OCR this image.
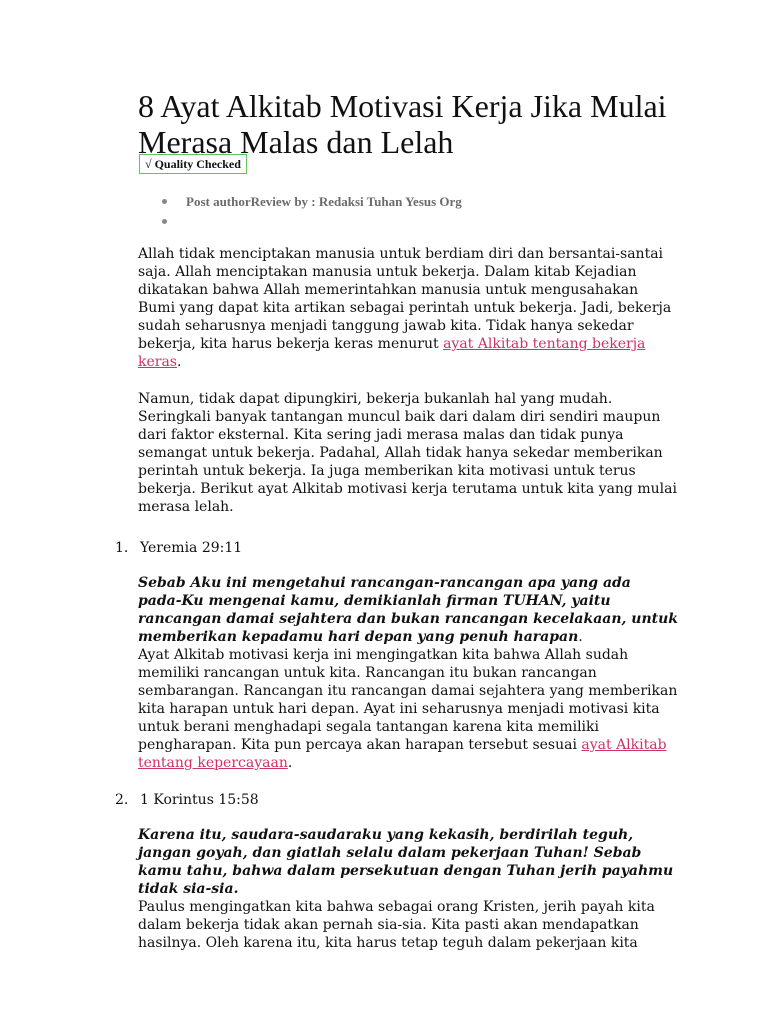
8 Ayat Alkitab Motivasi Kerja Jika Mulai Merasa Malas dan Lelah
√ Quality Checked
Post authorReview by : Redaksi Tuhan Yesus Org

Allah tidak menciptakan manusia untuk berdiam diri dan bersantai-santai saja. Allah menciptakan manusia untuk bekerja. Dalam kitab Kejadian dikatakan bahwa Allah memerintahkan manusia untuk mengusahakan Bumi yang dapat kita artikan sebagai perintah untuk bekerja. Jadi, bekerja sudah seharusnya menjadi tanggung jawab kita. Tidak hanya sekedar bekerja, kita harus bekerja keras menurut ayat Alkitab tentang bekerja keras.

Namun, tidak dapat dipungkiri, bekerja bukanlah hal yang mudah. Seringkali banyak tantangan muncul baik dari dalam diri sendiri maupun dari faktor eksternal. Kita sering jadi merasa malas dan tidak punya semangat untuk bekerja. Padahal, Allah tidak hanya sekedar memberikan perintah untuk bekerja. Ia juga memberikan kita motivasi untuk terus bekerja. Berikut ayat Alkitab motivasi kerja terutama untuk kita yang mulai merasa lelah.

1. Yeremia 29:11

Sebab Aku ini mengetahui rancangan-rancangan apa yang ada pada-Ku mengenai kamu, demikianlah firman TUHAN, yaitu rancangan damai sejahtera dan bukan rancangan kecelakaan, untuk memberikan kepadamu hari depan yang penuh harapan.
Ayat Alkitab motivasi kerja ini mengingatkan kita bahwa Allah sudah memiliki rancangan untuk kita. Rancangan itu bukan rancangan sembarangan. Rancangan itu rancangan damai sejahtera yang memberikan kita harapan untuk hari depan. Ayat ini seharusnya menjadi motivasi kita untuk berani menghadapi segala tantangan karena kita memiliki pengharapan. Kita pun percaya akan harapan tersebut sesuai ayat Alkitab tentang kepercayaan.

2. 1 Korintus 15:58

Karena itu, saudara-saudaraku yang kekasih, berdirilah teguh, jangan goyah, dan giatlah selalu dalam pekerjaan Tuhan! Sebab kamu tahu, bahwa dalam persekutuan dengan Tuhan jerih payahmu tidak sia-sia.
Paulus mengingatkan kita bahwa sebagai orang Kristen, jerih payah kita dalam bekerja tidak akan pernah sia-sia. Kita pasti akan mendapatkan hasilnya. Oleh karena itu, kita harus tetap teguh dalam pekerjaan kita
